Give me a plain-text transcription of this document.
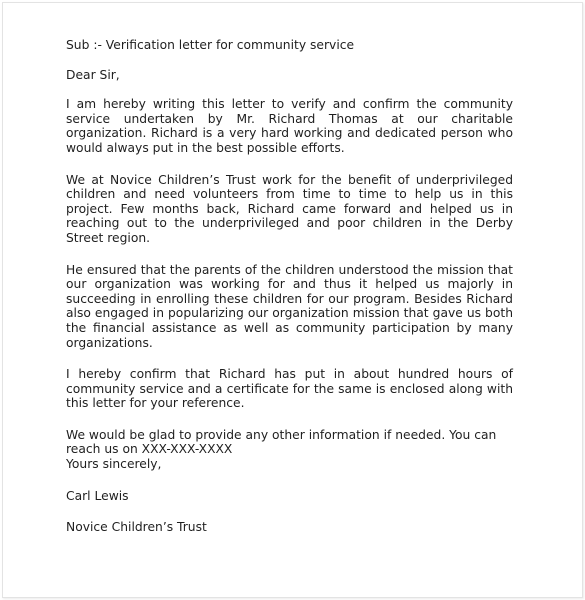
Sub :- Verification letter for community service

Dear Sir,

I am hereby writing this letter to verify and confirm the community service undertaken by Mr. Richard Thomas at our charitable organization. Richard is a very hard working and dedicated person who would always put in the best possible efforts.

We at Novice Children’s Trust work for the benefit of underprivileged children and need volunteers from time to time to help us in this project. Few months back, Richard came forward and helped us in reaching out to the underprivileged and poor children in the Derby Street region.

He ensured that the parents of the children understood the mission that our organization was working for and thus it helped us majorly in succeeding in enrolling these children for our program. Besides Richard also engaged in popularizing our organization mission that gave us both the financial assistance as well as community participation by many organizations.

I hereby confirm that Richard has put in about hundred hours of community service and a certificate for the same is enclosed along with this letter for your reference.

We would be glad to provide any other information if needed. You can reach us on XXX-XXX-XXXX
Yours sincerely,

Carl Lewis

Novice Children’s Trust
